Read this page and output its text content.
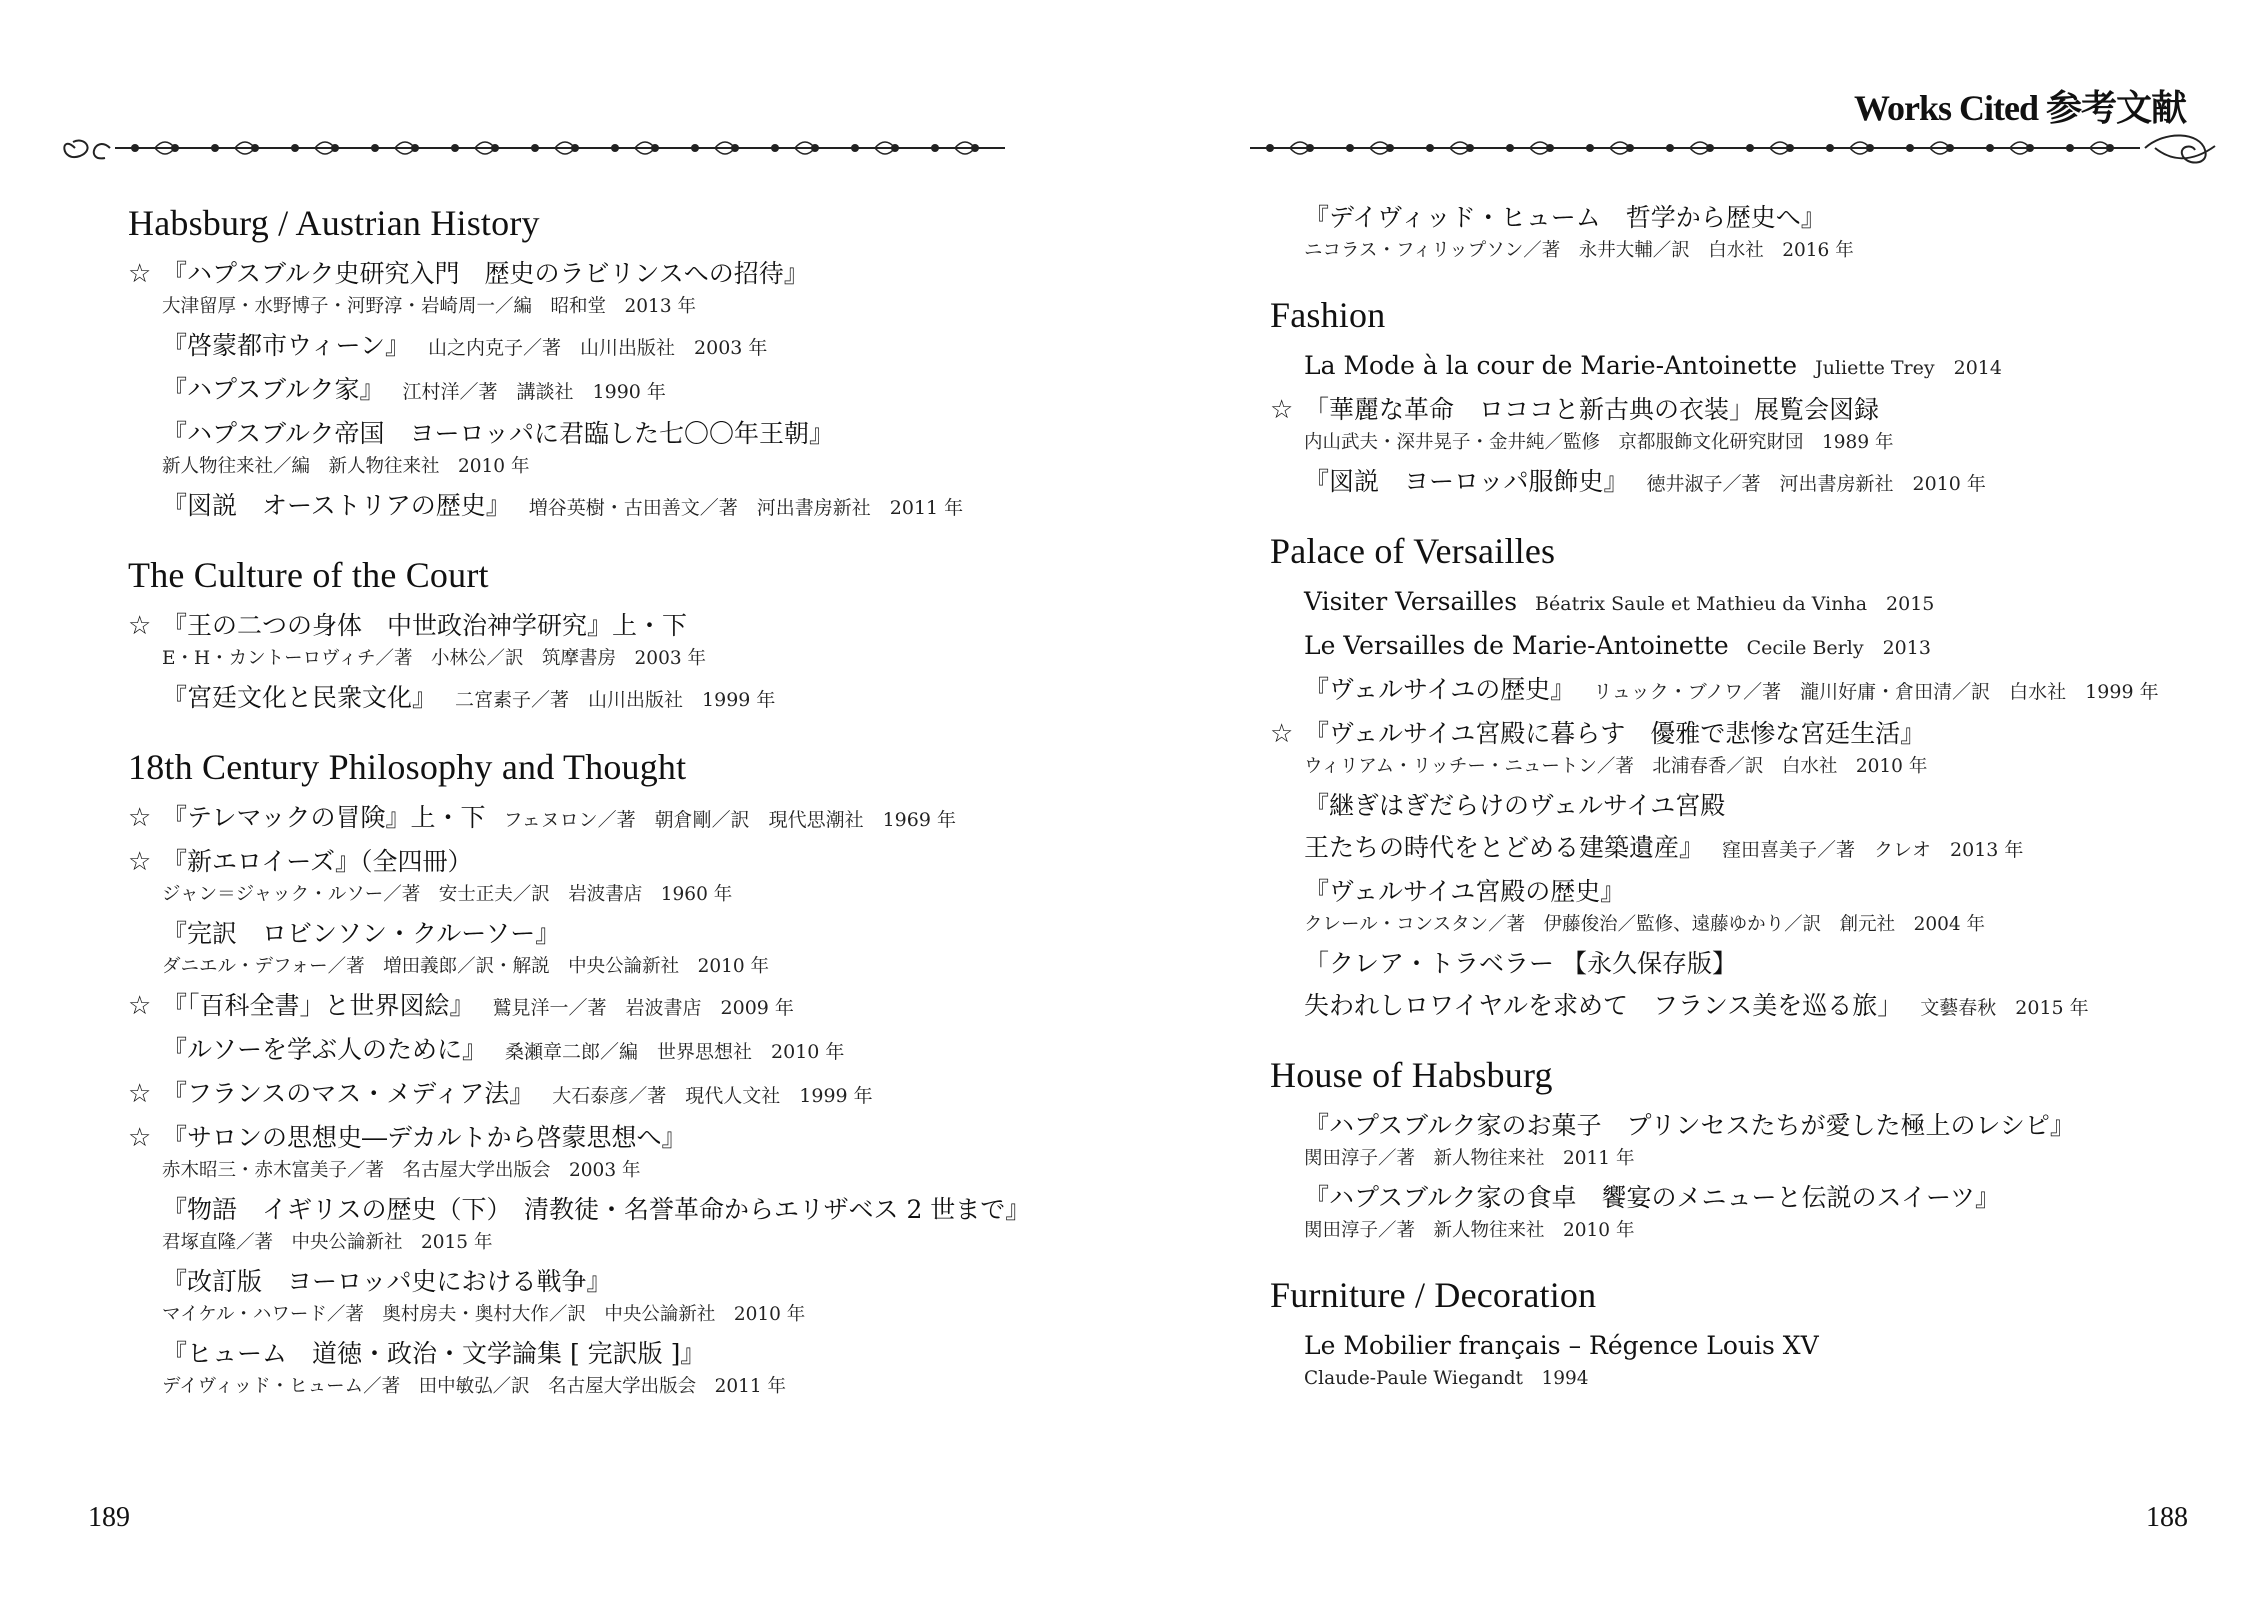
Habsburg / Austrian History
☆ 『ハプスブルク史研究入門　歴史のラビリンスへの招待』
大津留厚・水野博子・河野淳・岩崎周一／編　昭和堂　2013 年
『啓蒙都市ウィーン』 山之内克子／著　山川出版社　2003 年
『ハプスブルク家』 江村洋／著　講談社　1990 年
『ハプスブルク帝国　ヨーロッパに君臨した七〇〇年王朝』
新人物往来社／編　新人物往来社　2010 年
『図説　オーストリアの歴史』 増谷英樹・古田善文／著　河出書房新社　2011 年
The Culture of the Court
☆ 『王の二つの身体　中世政治神学研究』上・下
E・H・カントーロヴィチ／著　小林公／訳　筑摩書房　2003 年
『宮廷文化と民衆文化』 二宮素子／著　山川出版社　1999 年
18th Century Philosophy and Thought
☆ 『テレマックの冒険』上・下 フェヌロン／著　朝倉剛／訳　現代思潮社　1969 年
☆ 『新エロイーズ』（全四冊）
ジャン＝ジャック・ルソー／著　安士正夫／訳　岩波書店　1960 年
『完訳　ロビンソン・クルーソー』
ダニエル・デフォー／著　増田義郎／訳・解説　中央公論新社　2010 年
☆ 『「百科全書」と世界図絵』 鷲見洋一／著　岩波書店　2009 年
『ルソーを学ぶ人のために』 桑瀬章二郎／編　世界思想社　2010 年
☆ 『フランスのマス・メディア法』 大石泰彦／著　現代人文社　1999 年
☆ 『サロンの思想史―デカルトから啓蒙思想へ』
赤木昭三・赤木富美子／著　名古屋大学出版会　2003 年
『物語　イギリスの歴史（下）　清教徒・名誉革命からエリザベス 2 世まで』
君塚直隆／著　中央公論新社　2015 年
『改訂版　ヨーロッパ史における戦争』
マイケル・ハワード／著　奥村房夫・奥村大作／訳　中央公論新社　2010 年
『ヒューム　道徳・政治・文学論集 [ 完訳版 ]』
デイヴィッド・ヒューム／著　田中敏弘／訳　名古屋大学出版会　2011 年
189
Works Cited 参考文献
『デイヴィッド・ヒューム　哲学から歴史へ』
ニコラス・フィリップソン／著　永井大輔／訳　白水社　2016 年
Fashion
La Mode à la cour de Marie-Antoinette Juliette Trey　2014
☆ 「華麗な革命　ロココと新古典の衣装」展覧会図録
内山武夫・深井晃子・金井純／監修　京都服飾文化研究財団　1989 年
『図説　ヨーロッパ服飾史』 徳井淑子／著　河出書房新社　2010 年
Palace of Versailles
Visiter Versailles Béatrix Saule et Mathieu da Vinha　2015
Le Versailles de Marie-Antoinette Cecile Berly　2013
『ヴェルサイユの歴史』 リュック・ブノワ／著　瀧川好庸・倉田清／訳　白水社　1999 年
☆ 『ヴェルサイユ宮殿に暮らす　優雅で悲惨な宮廷生活』
ウィリアム・リッチー・ニュートン／著　北浦春香／訳　白水社　2010 年
『継ぎはぎだらけのヴェルサイユ宮殿
王たちの時代をとどめる建築遺産』 窪田喜美子／著　クレオ　2013 年
『ヴェルサイユ宮殿の歴史』
クレール・コンスタン／著　伊藤俊治／監修、遠藤ゆかり／訳　創元社　2004 年
「クレア・トラベラー 【永久保存版】
失われしロワイヤルを求めて　フランス美を巡る旅」 文藝春秋　2015 年
House of Habsburg
『ハプスブルク家のお菓子　プリンセスたちが愛した極上のレシピ』
関田淳子／著　新人物往来社　2011 年
『ハプスブルク家の食卓　饗宴のメニューと伝説のスイーツ』
関田淳子／著　新人物往来社　2010 年
Furniture / Decoration
Le Mobilier français – Régence Louis XV
Claude-Paule Wiegandt　1994
188
